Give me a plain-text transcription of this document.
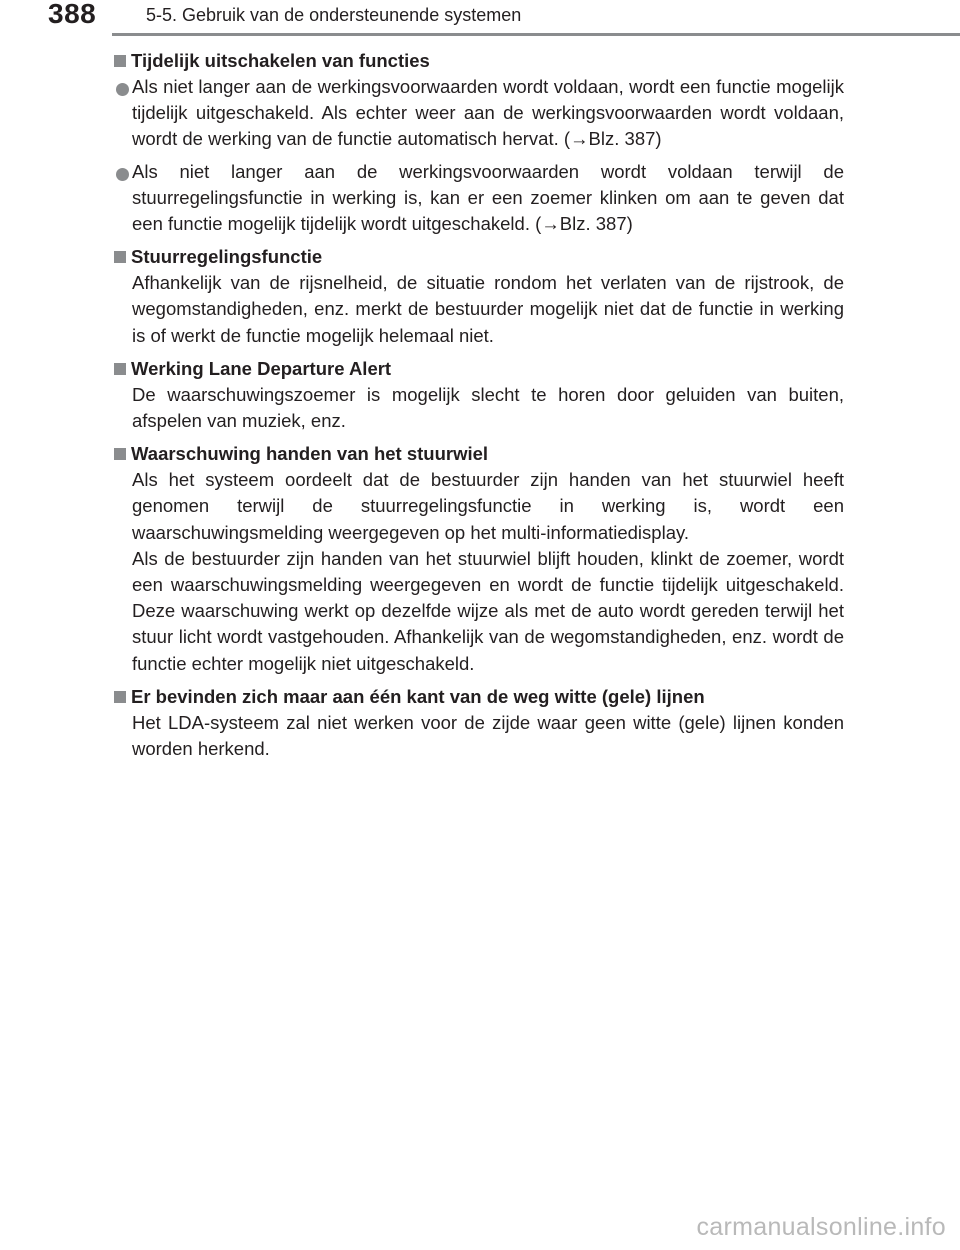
388	5-5. Gebruik van de ondersteunende systemen
Tijdelijk uitschakelen van functies
Als niet langer aan de werkingsvoorwaarden wordt voldaan, wordt een functie mogelijk tijdelijk uitgeschakeld. Als echter weer aan de werkingsvoorwaarden wordt voldaan, wordt de werking van de functie automatisch hervat. (→Blz. 387)
Als niet langer aan de werkingsvoorwaarden wordt voldaan terwijl de stuurregelingsfunctie in werking is, kan er een zoemer klinken om aan te geven dat een functie mogelijk tijdelijk wordt uitgeschakeld. (→Blz. 387)
Stuurregelingsfunctie
Afhankelijk van de rijsnelheid, de situatie rondom het verlaten van de rijstrook, de wegomstandigheden, enz. merkt de bestuurder mogelijk niet dat de functie in werking is of werkt de functie mogelijk helemaal niet.
Werking Lane Departure Alert
De waarschuwingszoemer is mogelijk slecht te horen door geluiden van buiten, afspelen van muziek, enz.
Waarschuwing handen van het stuurwiel
Als het systeem oordeelt dat de bestuurder zijn handen van het stuurwiel heeft genomen terwijl de stuurregelingsfunctie in werking is, wordt een waarschuwingsmelding weergegeven op het multi-informatiedisplay.
Als de bestuurder zijn handen van het stuurwiel blijft houden, klinkt de zoemer, wordt een waarschuwingsmelding weergegeven en wordt de functie tijdelijk uitgeschakeld. Deze waarschuwing werkt op dezelfde wijze als met de auto wordt gereden terwijl het stuur licht wordt vastgehouden. Afhankelijk van de wegomstandigheden, enz. wordt de functie echter mogelijk niet uitgeschakeld.
Er bevinden zich maar aan één kant van de weg witte (gele) lijnen
Het LDA-systeem zal niet werken voor de zijde waar geen witte (gele) lijnen konden worden herkend.
carmanualsonline.info
